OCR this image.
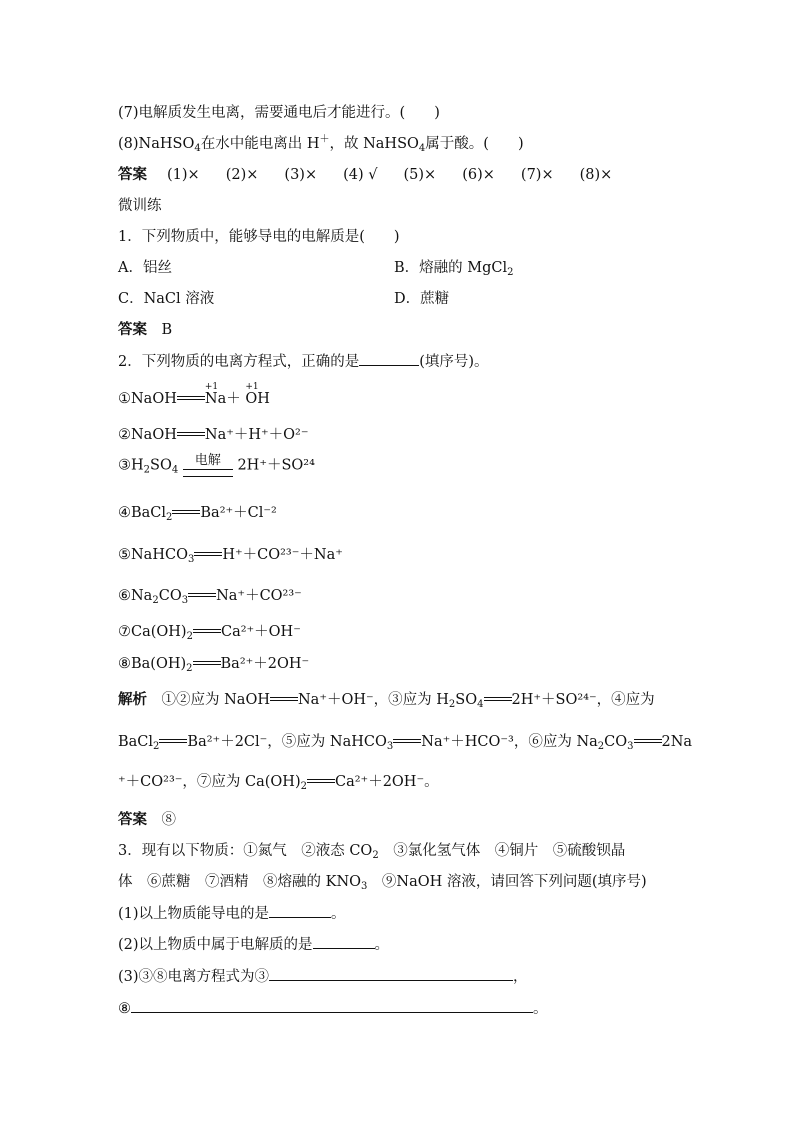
(7)电解质发生电离，需要通电后才能进行。(　　)
(8)NaHSO$_4$在水中能电离出 H＋，故 NaHSO$_4$属于酸。(　　)
答案 (1)× (2)× (3)× (4) √ (5)× (6)× (7)× (8)×
微训练
1．下列物质中，能够导电的电解质是(　　)
A．铝丝	B．熔融的 MgCl$_2$
C．NaCl 溶液	D．蔗糖
答案　 B
2．下列物质的电离方程式，正确的是	(填序号)。
①NaOH
+1
Na＋
+1
OH
②NaOH Na⁺＋H⁺＋O²⁻
$③H_2SO_4$
电解	2H⁺＋SO²⁴
④BaCl$_2$ Ba²⁺＋Cl⁻²
⑤NaHCO$_3$ H⁺＋CO²³⁻＋Na⁺
$⑥Na_2CO_3$ Na⁺＋CO²³⁻
$⑦Ca(OH)_2$ Ca²⁺＋OH⁻
$⑧Ba(OH)_2$ Ba²⁺＋2OH⁻
解析　 ①②应为 NaOH Na⁺＋OH⁻，③应为 $H_2SO_4$ 2H⁺＋SO²⁴⁻，④应为
BaCl$_2$ Ba²⁺＋2Cl⁻，⑤应为 NaHCO$_3$ Na⁺＋HCO⁻³，⑥应为 $Na_2CO_3$ 2Na
⁺＋CO²³⁻，⑦应为 $Ca(OH)_2$ Ca²⁺＋2OH⁻。
答案　 ⑧
3．现有以下物质：①氮气　②液态 $CO_2$　③氯化氢气体　④铜片　⑤硫酸钡晶
体　⑥蔗糖　⑦酒精　⑧熔融的 $KNO_3$　⑨NaOH 溶液，请回答下列问题(填序号)
(1)以上物质能导电的是	。
(2)以上物质中属于电解质的是	。
(3)③⑧电离方程式为③	，
⑧	。
